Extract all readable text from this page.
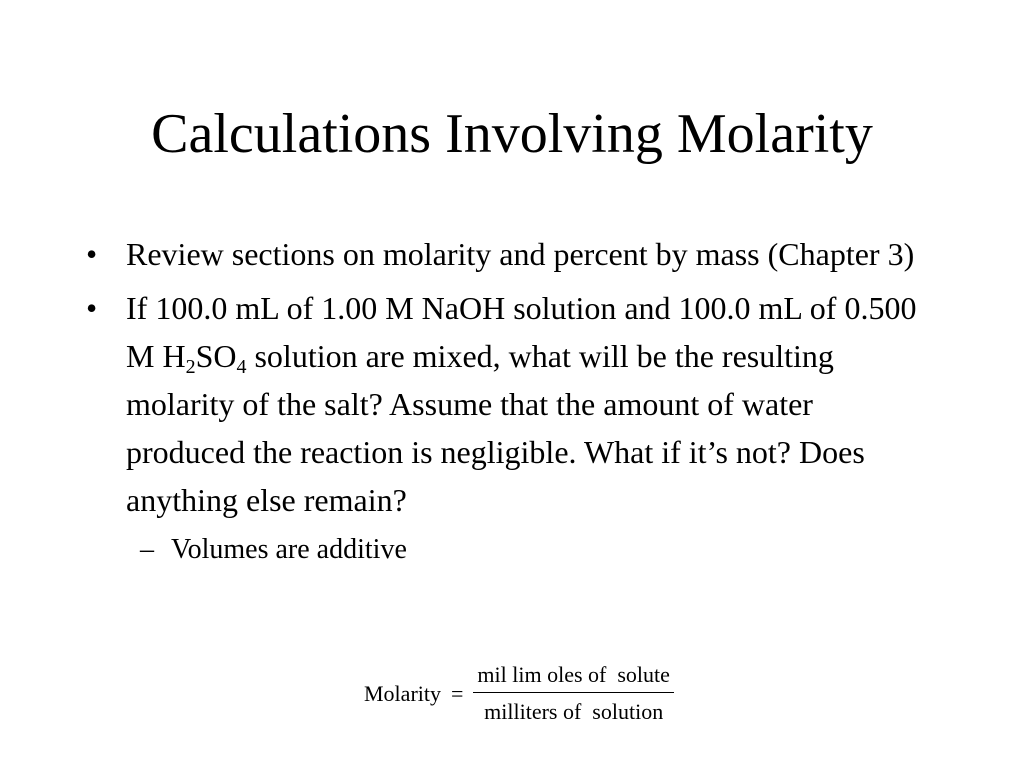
Calculations Involving Molarity
• Review sections on molarity and percent by mass (Chapter 3)
• If 100.0 mL of 1.00 M NaOH solution and 100.0 mL of 0.500 M $H_2SO_4$ solution are mixed, what will be the resulting molarity of the salt? Assume that the amount of water produced the reaction is negligible. What if it’s not? Does anything else remain?
– Volumes are additive
Molarity = $\frac{\text{mil lim oles of  solute}}{\text{milliters of  solution}}$
